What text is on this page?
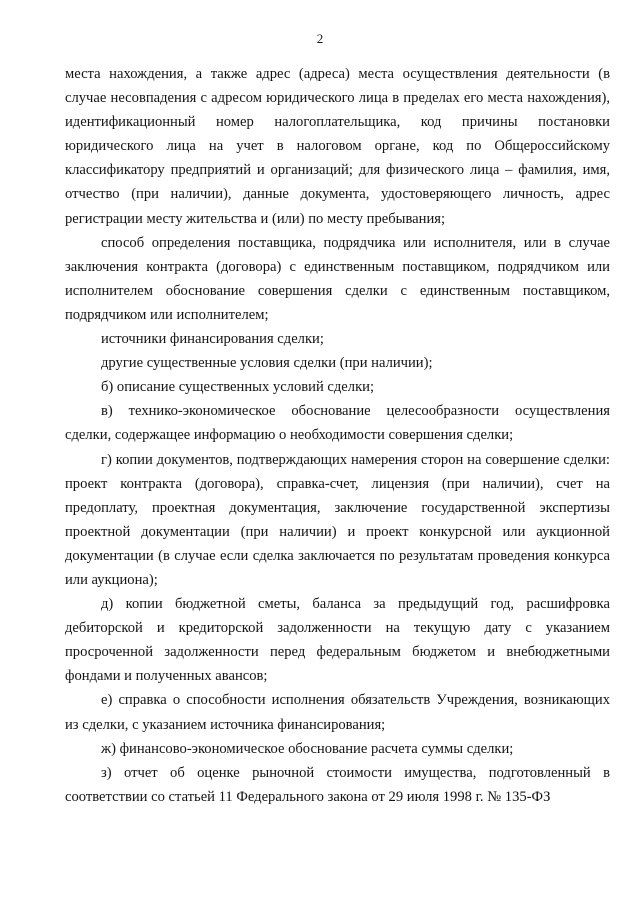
2

места нахождения, а также адрес (адреса) места осуществления деятельности (в случае несовпадения с адресом юридического лица в пределах его места нахождения), идентификационный номер налогоплательщика, код причины постановки юридического лица на учет в налоговом органе, код по Общероссийскому классификатору предприятий и организаций; для физического лица – фамилия, имя, отчество (при наличии), данные документа, удостоверяющего личность, адрес регистрации месту жительства и (или) по месту пребывания;

способ определения поставщика, подрядчика или исполнителя, или в случае заключения контракта (договора) с единственным поставщиком, подрядчиком или исполнителем обоснование совершения сделки с единственным поставщиком, подрядчиком или исполнителем;

источники финансирования сделки;

другие существенные условия сделки (при наличии);

б) описание существенных условий сделки;

в) технико-экономическое обоснование целесообразности осуществления сделки, содержащее информацию о необходимости совершения сделки;

г) копии документов, подтверждающих намерения сторон на совершение сделки: проект контракта (договора), справка-счет, лицензия (при наличии), счет на предоплату, проектная документация, заключение государственной экспертизы проектной документации (при наличии) и проект конкурсной или аукционной документации (в случае если сделка заключается по результатам проведения конкурса или аукциона);

д) копии бюджетной сметы, баланса за предыдущий год, расшифровка дебиторской и кредиторской задолженности на текущую дату с указанием просроченной задолженности перед федеральным бюджетом и внебюджетными фондами и полученных авансов;

е) справка о способности исполнения обязательств Учреждения, возникающих из сделки, с указанием источника финансирования;

ж) финансово-экономическое обоснование расчета суммы сделки;

з) отчет об оценке рыночной стоимости имущества, подготовленный в соответствии со статьей 11 Федерального закона от 29 июля 1998 г. № 135-ФЗ
